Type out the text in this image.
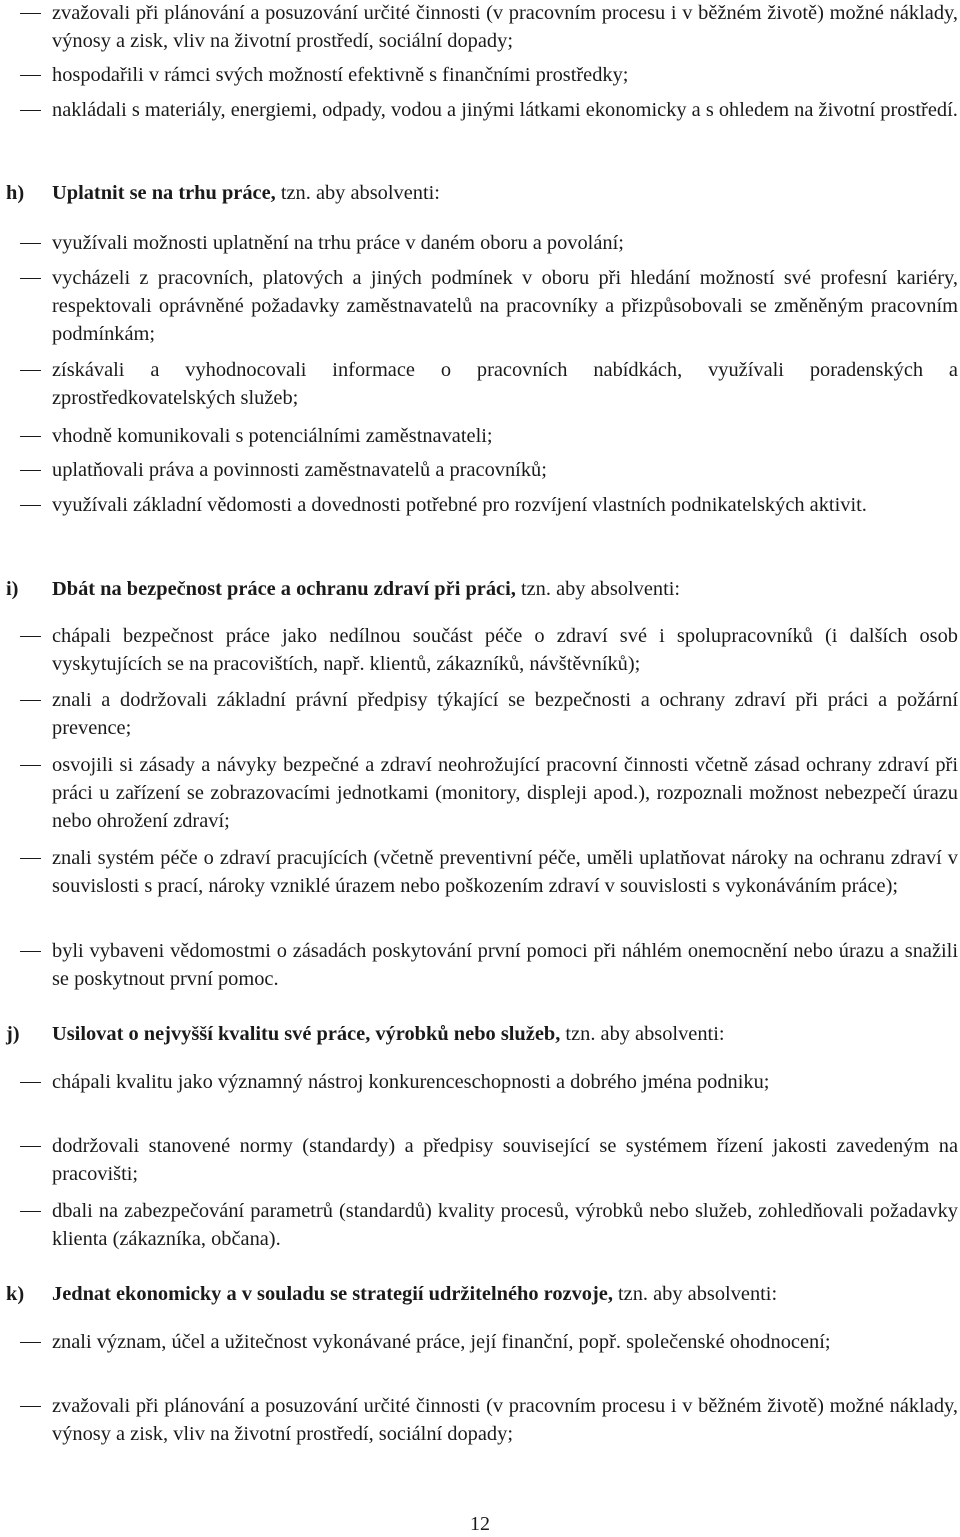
zvažovali při plánování a posuzování určité činnosti (v pracovním procesu i v běžném životě) možné náklady, výnosy a zisk, vliv na životní prostředí, sociální dopady;

hospodařili v rámci svých možností efektivně s finančními prostředky;

nakládali s materiály, energiemi, odpady, vodou a jinými látkami ekonomicky a s ohledem na životní prostředí.

h) Uplatnit se na trhu práce, tzn. aby absolventi:

využívali možnosti uplatnění na trhu práce v daném oboru a povolání;

vycházeli z pracovních, platových a jiných podmínek v oboru při hledání možností své profesní kariéry, respektovali oprávněné požadavky zaměstnavatelů na pracovníky a přizpůsobovali se změněným pracovním podmínkám;

získávali a vyhodnocovali informace o pracovních nabídkách, využívali poradenských a zprostředkovatelských služeb;

vhodně komunikovali s potenciálními zaměstnavateli;

uplatňovali práva a povinnosti zaměstnavatelů a pracovníků;

využívali základní vědomosti a dovednosti potřebné pro rozvíjení vlastních podnikatelských aktivit.

i) Dbát na bezpečnost práce a ochranu zdraví při práci, tzn. aby absolventi:

chápali bezpečnost práce jako nedílnou součást péče o zdraví své i spolupracovníků (i dalších osob vyskytujících se na pracovištích, např. klientů, zákazníků, návštěvníků);

znali a dodržovali základní právní předpisy týkající se bezpečnosti a ochrany zdraví při práci a požární prevence;

osvojili si zásady a návyky bezpečné a zdraví neohrožující pracovní činnosti včetně zásad ochrany zdraví při práci u zařízení se zobrazovacími jednotkami (monitory, displeji apod.), rozpoznali možnost nebezpečí úrazu nebo ohrožení zdraví;

znali systém péče o zdraví pracujících (včetně preventivní péče, uměli uplatňovat nároky na ochranu zdraví v souvislosti s prací, nároky vzniklé úrazem nebo poškozením zdraví v souvislosti s vykonáváním práce);

byli vybaveni vědomostmi o zásadách poskytování první pomoci při náhlém onemocnění nebo úrazu a snažili se poskytnout první pomoc.

j) Usilovat o nejvyšší kvalitu své práce, výrobků nebo služeb, tzn. aby absolventi:

chápali kvalitu jako významný nástroj konkurenceschopnosti a dobrého jména podniku;

dodržovali stanovené normy (standardy) a předpisy související se systémem řízení jakosti zavedeným na pracovišti;

dbali na zabezpečování parametrů (standardů) kvality procesů, výrobků nebo služeb, zohledňovali požadavky klienta (zákazníka, občana).

k) Jednat ekonomicky a v souladu se strategií udržitelného rozvoje, tzn. aby absolventi:

znali význam, účel a užitečnost vykonávané práce, její finanční, popř. společenské ohodnocení;

zvažovali při plánování a posuzování určité činnosti (v pracovním procesu i v běžném životě) možné náklady, výnosy a zisk, vliv na životní prostředí, sociální dopady;

12
